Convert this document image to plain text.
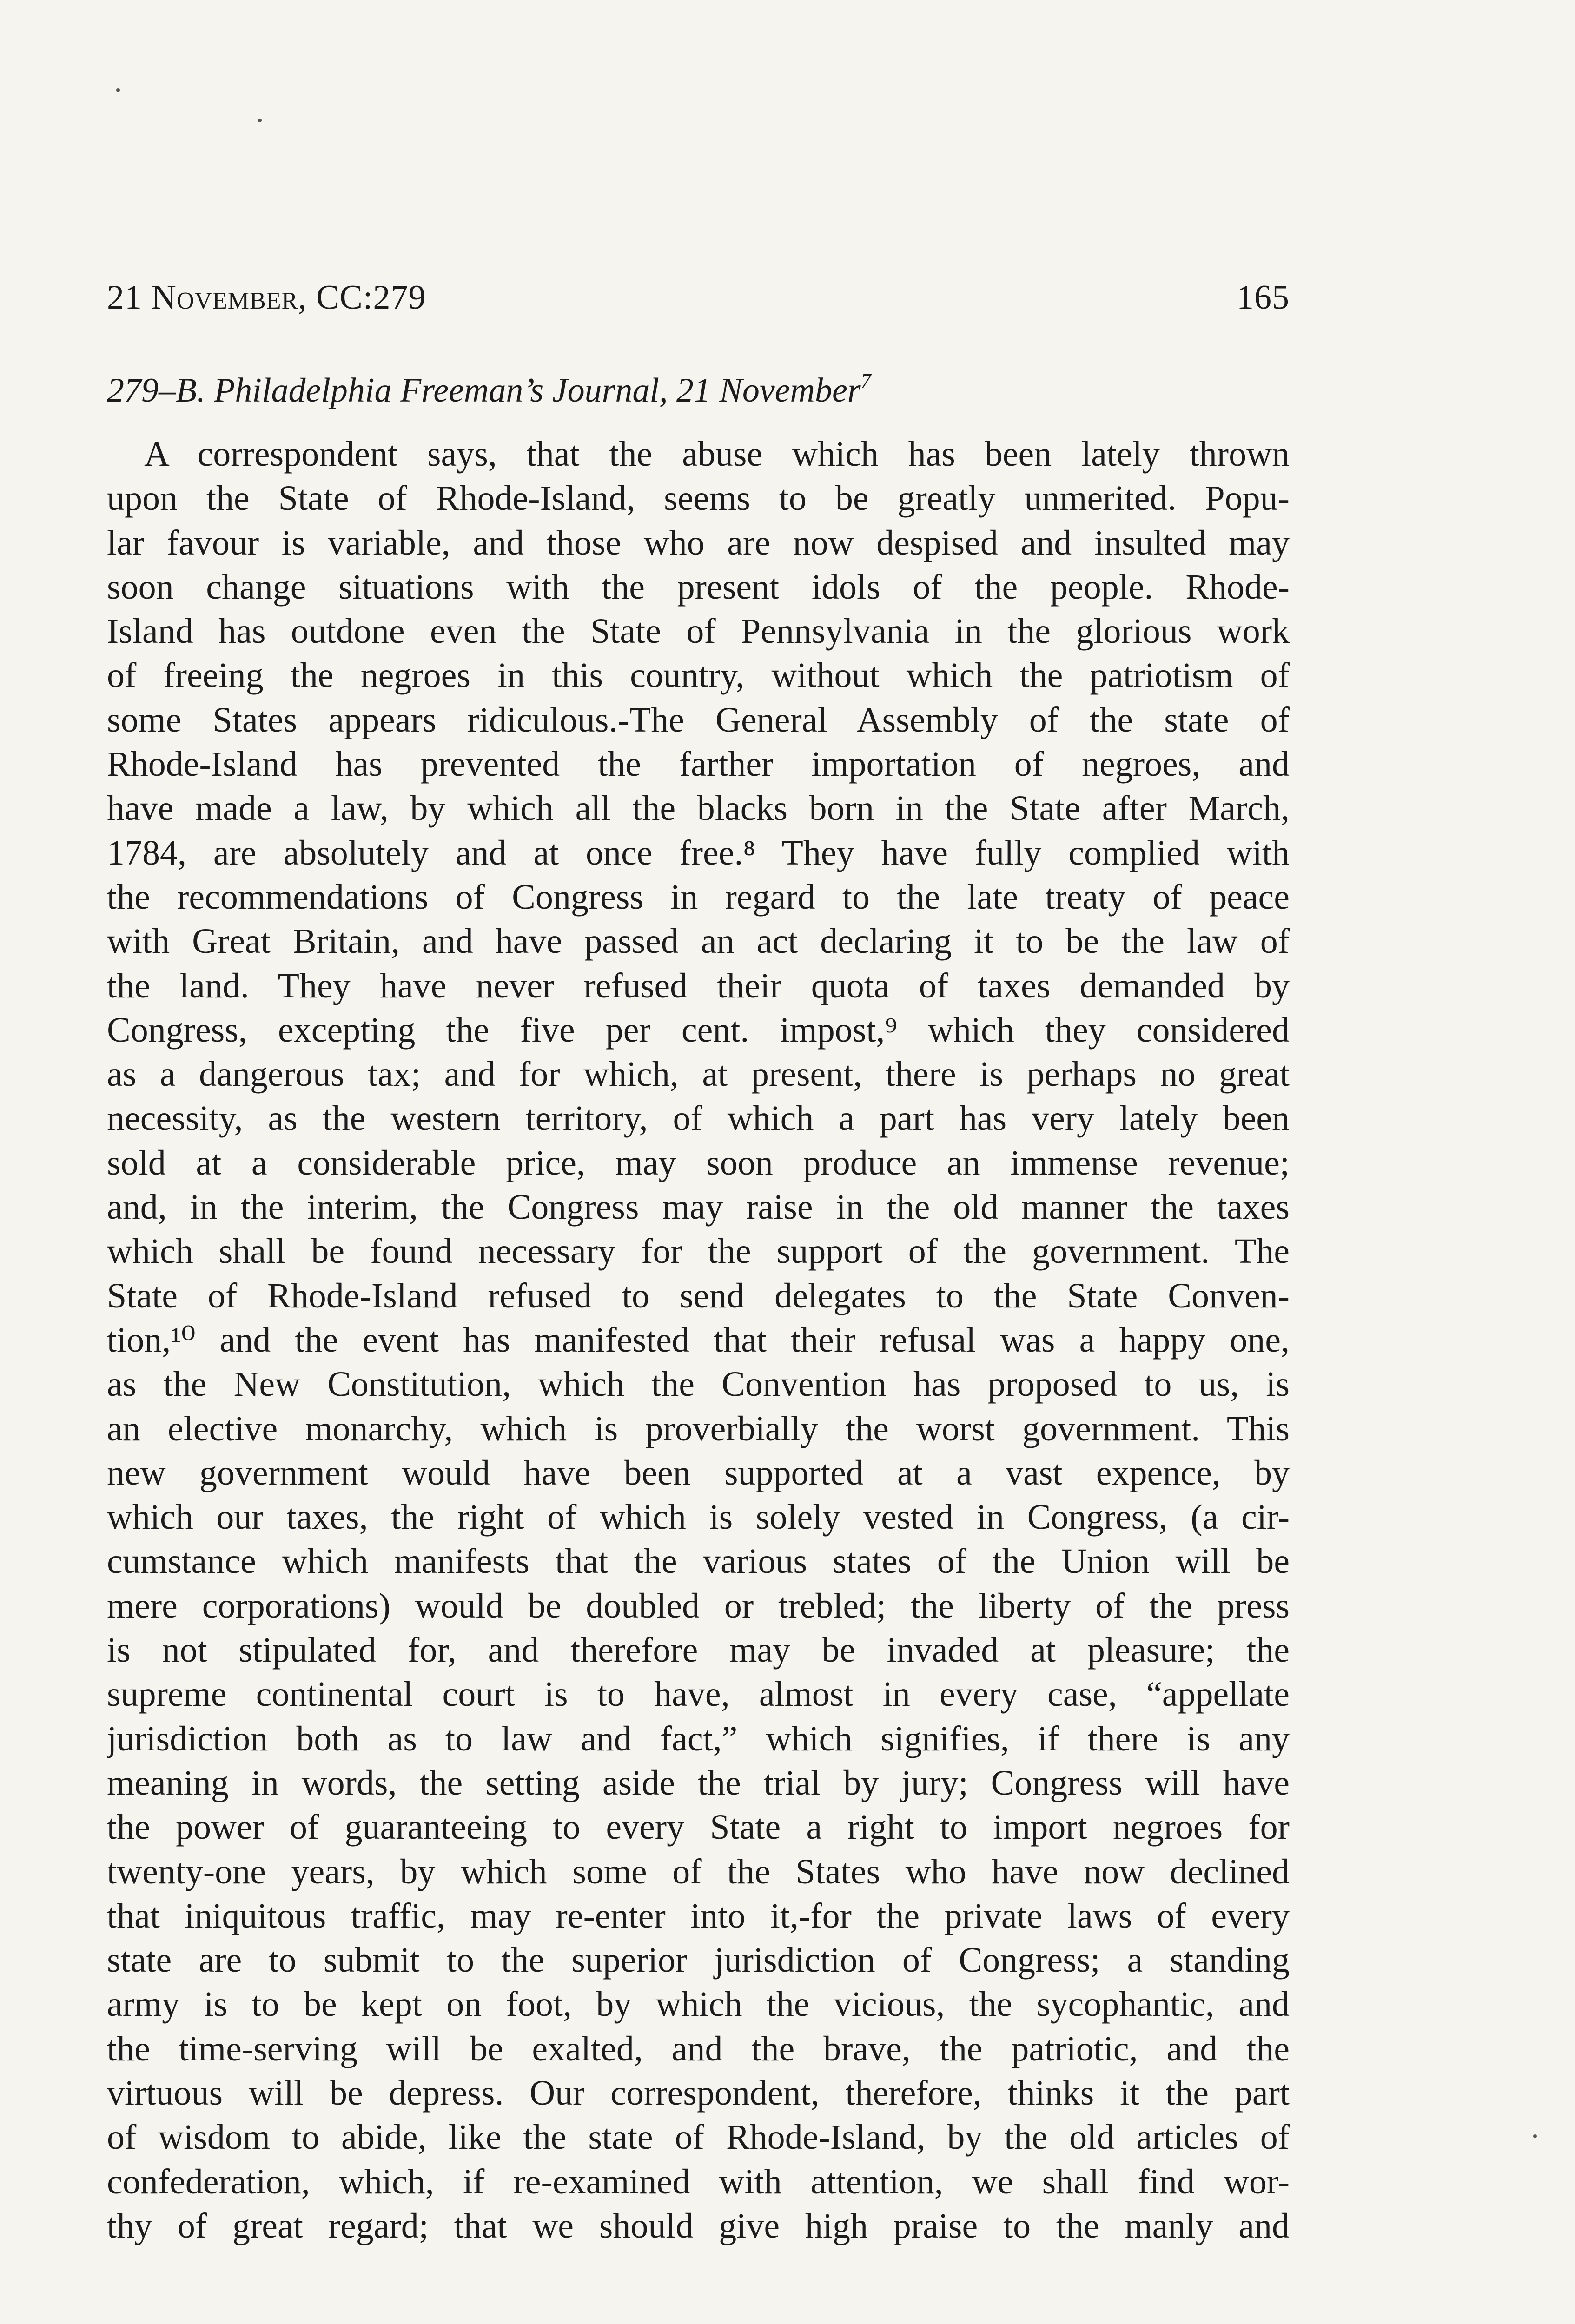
21 November, CC:279	165
279–B. Philadelphia Freeman’s Journal, 21 November$^7$
A correspondent says, that the abuse which has been lately thrown
upon the State of Rhode-Island, seems to be greatly unmerited. Popu-
lar favour is variable, and those who are now despised and insulted may
soon change situations with the present idols of the people. Rhode-
Island has outdone even the State of Pennsylvania in the glorious work
of freeing the negroes in this country, without which the patriotism of
some States appears ridiculous.-The General Assembly of the state of
Rhode-Island has prevented the farther importation of negroes, and
have made a law, by which all the blacks born in the State after March,
1784, are absolutely and at once free.⁸ They have fully complied with
the recommendations of Congress in regard to the late treaty of peace
with Great Britain, and have passed an act declaring it to be the law of
the land. They have never refused their quota of taxes demanded by
Congress, excepting the five per cent. impost,⁹ which they considered
as a dangerous tax; and for which, at present, there is perhaps no great
necessity, as the western territory, of which a part has very lately been
sold at a considerable price, may soon produce an immense revenue;
and, in the interim, the Congress may raise in the old manner the taxes
which shall be found necessary for the support of the government. The
State of Rhode-Island refused to send delegates to the State Conven-
tion,¹⁰ and the event has manifested that their refusal was a happy one,
as the New Constitution, which the Convention has proposed to us, is
an elective monarchy, which is proverbially the worst government. This
new government would have been supported at a vast expence, by
which our taxes, the right of which is solely vested in Congress, (a cir-
cumstance which manifests that the various states of the Union will be
mere corporations) would be doubled or trebled; the liberty of the press
is not stipulated for, and therefore may be invaded at pleasure; the
supreme continental court is to have, almost in every case, “appellate
jurisdiction both as to law and fact,” which signifies, if there is any
meaning in words, the setting aside the trial by jury; Congress will have
the power of guaranteeing to every State a right to import negroes for
twenty-one years, by which some of the States who have now declined
that iniquitous traffic, may re-enter into it,-for the private laws of every
state are to submit to the superior jurisdiction of Congress; a standing
army is to be kept on foot, by which the vicious, the sycophantic, and
the time-serving will be exalted, and the brave, the patriotic, and the
virtuous will be depress. Our correspondent, therefore, thinks it the part
of wisdom to abide, like the state of Rhode-Island, by the old articles of
confederation, which, if re-examined with attention, we shall find wor-
thy of great regard; that we should give high praise to the manly and
